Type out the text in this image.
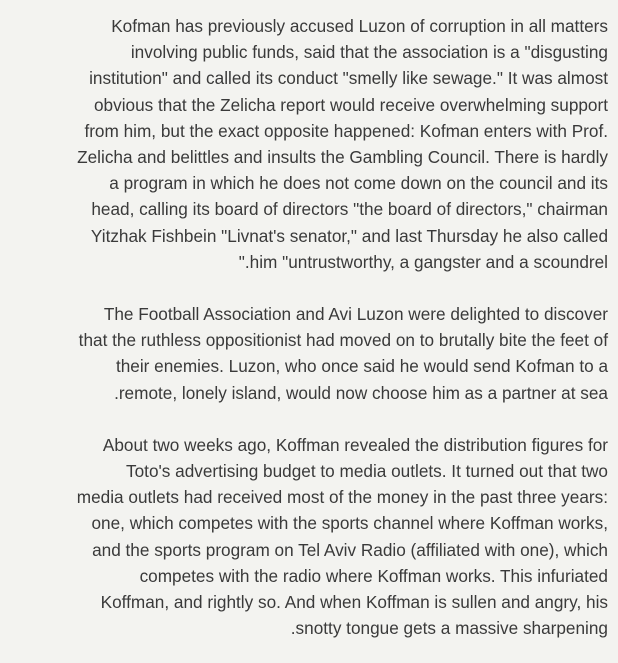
Kofman has previously accused Luzon of corruption in all matters
involving public funds, said that the association is a "disgusting
institution" and called its conduct "smelly like sewage." It was almost
obvious that the Zelicha report would receive overwhelming support
from him, but the exact opposite happened: Kofman enters with Prof.
Zelicha and belittles and insults the Gambling Council. There is hardly
a program in which he does not come down on the council and its
head, calling its board of directors "the board of directors," chairman
Yitzhak Fishbein "Livnat's senator," and last Thursday he also called
".him "untrustworthy, a gangster and a scoundrel

The Football Association and Avi Luzon were delighted to discover
that the ruthless oppositionist had moved on to brutally bite the feet of
their enemies. Luzon, who once said he would send Kofman to a
.remote, lonely island, would now choose him as a partner at sea

About two weeks ago, Koffman revealed the distribution figures for
Toto's advertising budget to media outlets. It turned out that two
media outlets had received most of the money in the past three years:
one, which competes with the sports channel where Koffman works,
and the sports program on Tel Aviv Radio (affiliated with one), which
competes with the radio where Koffman works. This infuriated
Koffman, and rightly so. And when Koffman is sullen and angry, his
.snotty tongue gets a massive sharpening
